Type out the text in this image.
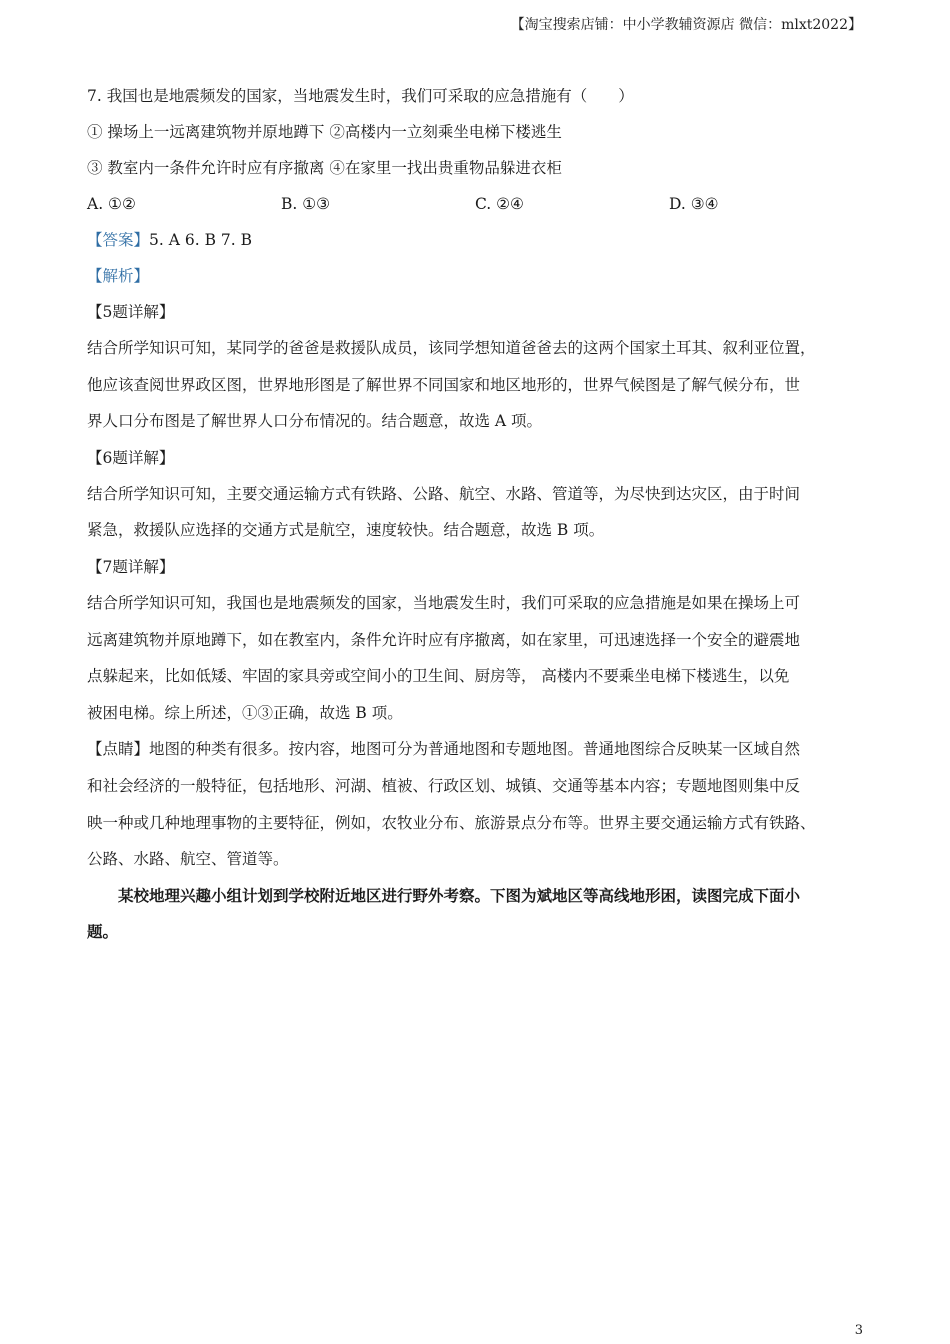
【淘宝搜索店铺：中小学教辅资源店 微信：mlxt2022】
7. 我国也是地震频发的国家，当地震发生时，我们可采取的应急措施有（　　）
① 操场上一远离建筑物并原地蹲下 ②高楼内一立刻乘坐电梯下楼逃生
③ 教室内一条件允许时应有序撤离 ④在家里一找出贵重物品躲进衣柜
A. ①②	B. ①③	C. ②④	D. ③④
【答案】5. A 6. B 7. B
【解析】
【5题详解】
结合所学知识可知，某同学的爸爸是救援队成员，该同学想知道爸爸去的这两个国家土耳其、叙利亚位置，
他应该查阅世界政区图，世界地形图是了解世界不同国家和地区地形的，世界气候图是了解气候分布，世
界人口分布图是了解世界人口分布情况的。结合题意，故选 A 项。
【6题详解】
结合所学知识可知，主要交通运输方式有铁路、公路、航空、水路、管道等，为尽快到达灾区，由于时间
紧急，救援队应选择的交通方式是航空，速度较快。结合题意，故选 B 项。
【7题详解】
结合所学知识可知，我国也是地震频发的国家，当地震发生时，我们可采取的应急措施是如果在操场上可
远离建筑物并原地蹲下，如在教室内，条件允许时应有序撤离，如在家里，可迅速选择一个安全的避震地
点躲起来，比如低矮、牢固的家具旁或空间小的卫生间、厨房等， 高楼内不要乘坐电梯下楼逃生，以免
被困电梯。综上所述，①③正确，故选 B 项。
【点睛】地图的种类有很多。按内容，地图可分为普通地图和专题地图。普通地图综合反映某一区域自然
和社会经济的一般特征，包括地形、河湖、植被、行政区划、城镇、交通等基本内容；专题地图则集中反
映一种或几种地理事物的主要特征，例如，农牧业分布、旅游景点分布等。世界主要交通运输方式有铁路、
公路、水路、航空、管道等。
某校地理兴趣小组计划到学校附近地区进行野外考察。下图为斌地区等高线地形困，读图完成下面小
题。
3
